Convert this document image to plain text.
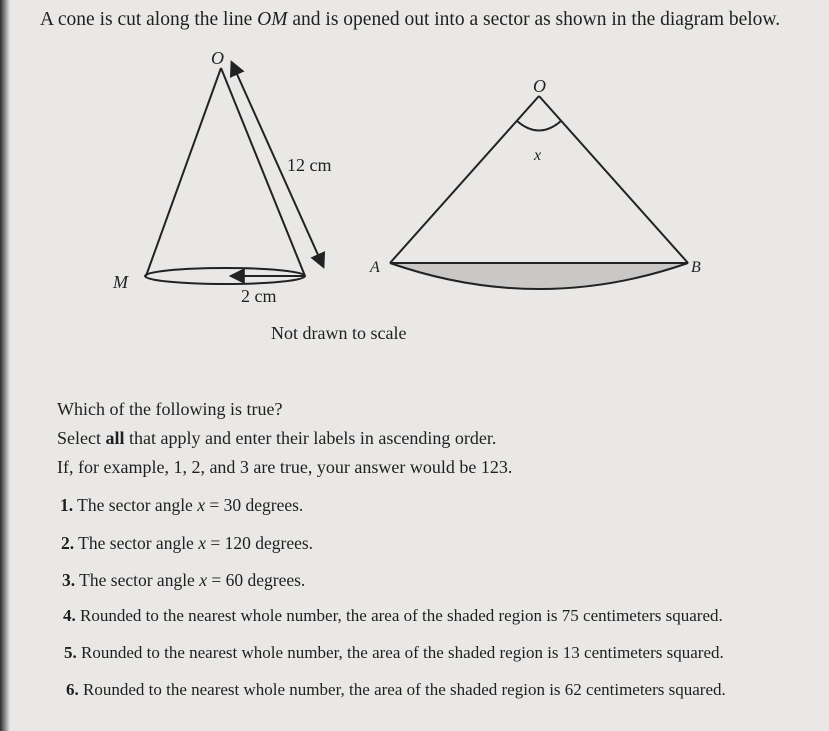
A cone is cut along the line OM and is opened out into a sector as shown in the diagram below.
O
M
12 cm
2 cm
O
x
A	B
Not drawn to scale
Which of the following is true?
Select all that apply and enter their labels in ascending order.
If, for example, 1, 2, and 3 are true, your answer would be 123.
1. The sector angle x = 30 degrees.
2. The sector angle x = 120 degrees.
3. The sector angle x = 60 degrees.
4. Rounded to the nearest whole number, the area of the shaded region is 75 centimeters squared.
5. Rounded to the nearest whole number, the area of the shaded region is 13 centimeters squared.
6. Rounded to the nearest whole number, the area of the shaded region is 62 centimeters squared.
